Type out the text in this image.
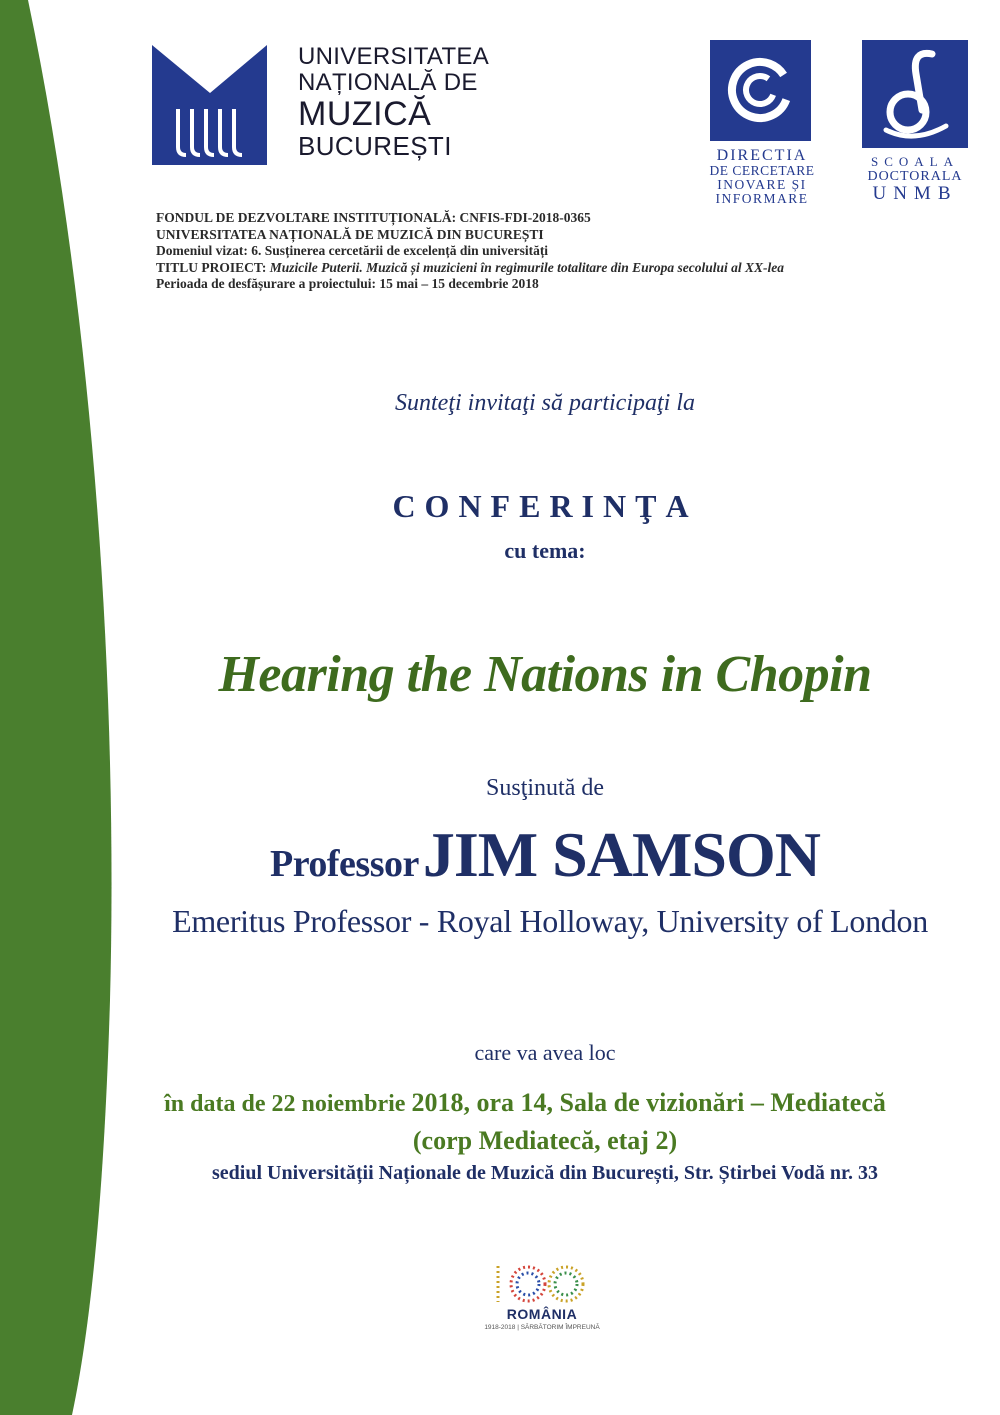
UNIVERSITATEA
NAȚIONALĂ DE
MUZICĂ
BUCUREȘTI	DIRECTIA
DE CERCETARE
INOVARE ȘI
INFORMARE
SCOALA
DOCTORALA
UNMB
FONDUL DE DEZVOLTARE INSTITUȚIONALĂ: CNFIS-FDI-2018-0365
UNIVERSITATEA NAȚIONALĂ DE MUZICĂ DIN BUCUREȘTI
Domeniul vizat: 6. Susținerea cercetării de excelență din universități
TITLU PROIECT: Muzicile Puterii. Muzică și muzicieni în regimurile totalitare din Europa secolului al XX-lea
Perioada de desfășurare a proiectului: 15 mai – 15 decembrie 2018
Sunteţi invitaţi să participaţi la
CONFERINŢA
cu tema:
Hearing the Nations in Chopin
Susţinută de
Professor JIM SAMSON
Emeritus Professor - Royal Holloway, University of London
care va avea loc
în data de 22 noiembrie 2018, ora 14, Sala de vizionări – Mediatecă
(corp Mediatecă, etaj 2)
sediul Universității Naționale de Muzică din București, Str. Știrbei Vodă nr. 33
ROMÂNIA
1918-2018 | SĂRBĂTORIM ÎMPREUNĂ
